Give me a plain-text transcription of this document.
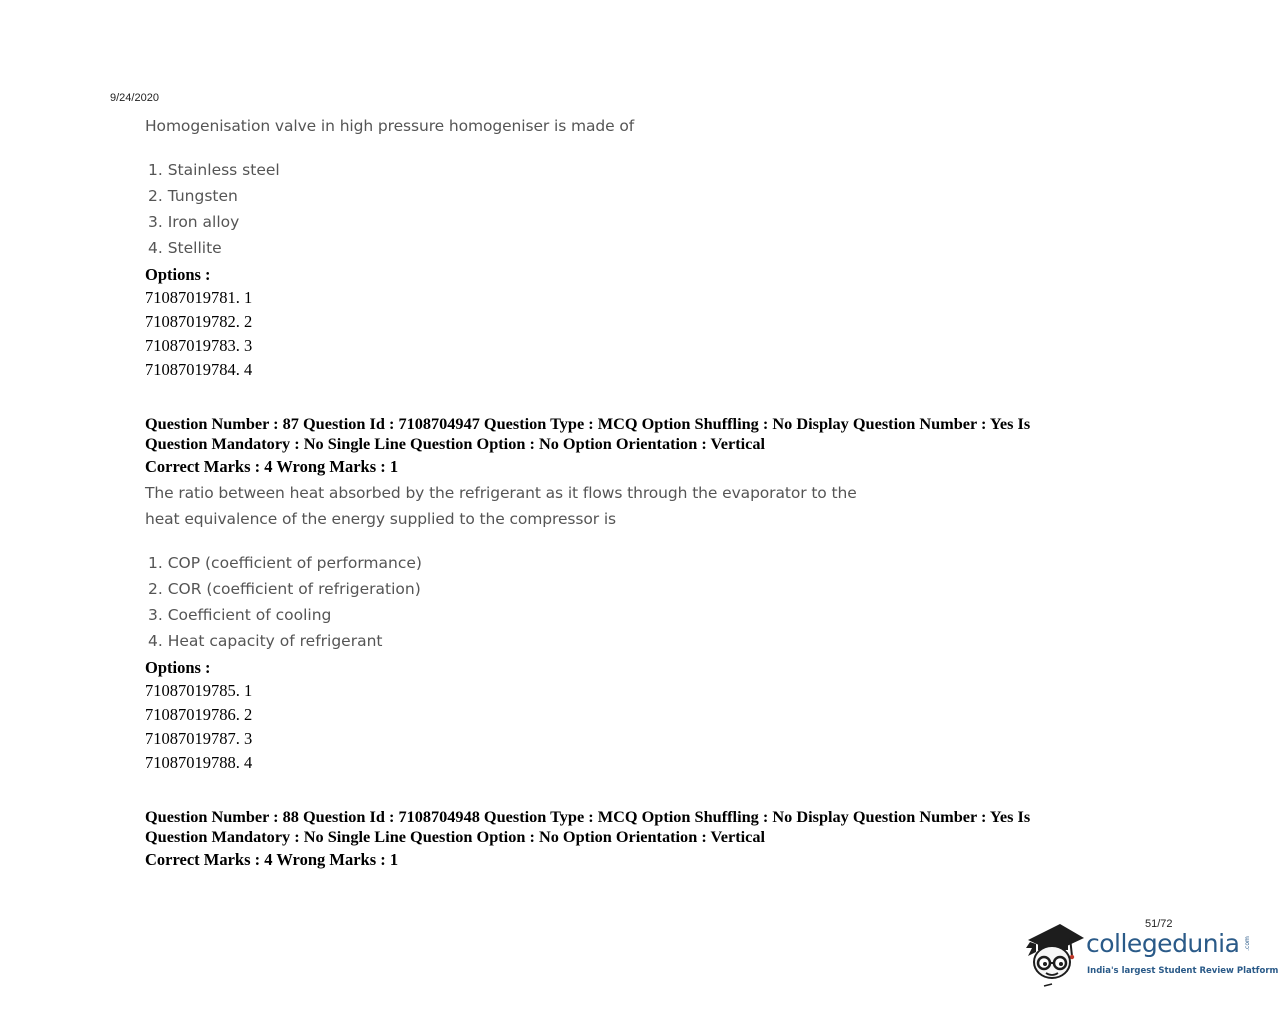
9/24/2020
Homogenisation valve in high pressure homogeniser is made of
1. Stainless steel
2. Tungsten
3. Iron alloy
4. Stellite
Options :
71087019781. 1
71087019782. 2
71087019783. 3
71087019784. 4
Question Number : 87 Question Id : 7108704947 Question Type : MCQ Option Shuffling : No Display Question Number : Yes Is
Question Mandatory : No Single Line Question Option : No Option Orientation : Vertical
Correct Marks : 4 Wrong Marks : 1
The ratio between heat absorbed by the refrigerant as it flows through the evaporator to the
heat equivalence of the energy supplied to the compressor is
1. COP (coefficient of performance)
2. COR (coefficient of refrigeration)
3. Coefficient of cooling
4. Heat capacity of refrigerant
Options :
71087019785. 1
71087019786. 2
71087019787. 3
71087019788. 4
Question Number : 88 Question Id : 7108704948 Question Type : MCQ Option Shuffling : No Display Question Number : Yes Is
Question Mandatory : No Single Line Question Option : No Option Orientation : Vertical
Correct Marks : 4 Wrong Marks : 1
51/72
collegedunia .com
India's largest Student Review Platform
